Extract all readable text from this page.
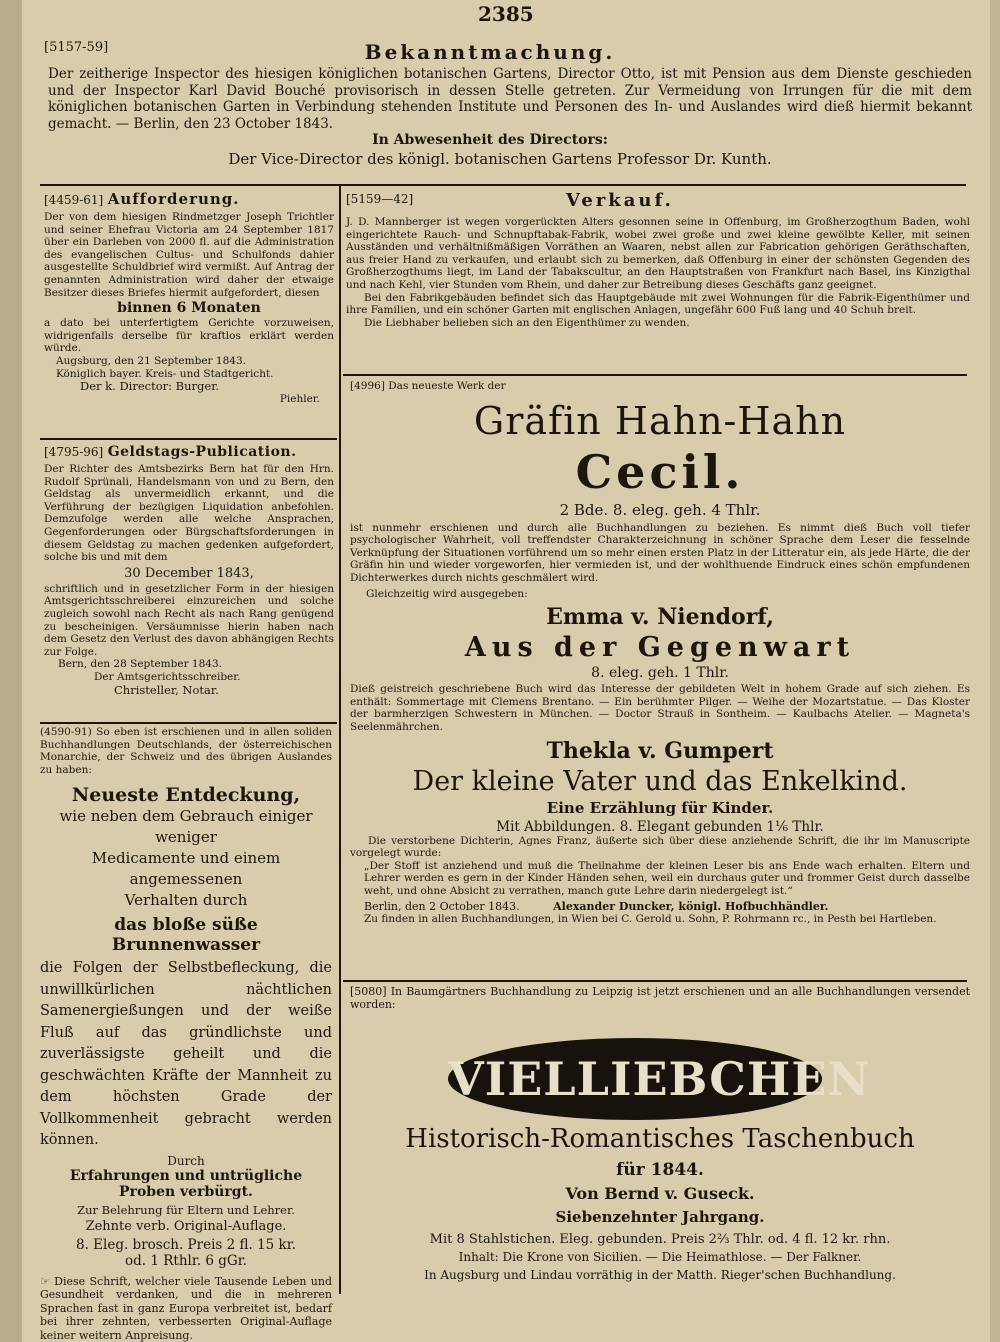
2385
[5157-59]	Bekanntmachung.
Der zeitherige Inspector des hiesigen königlichen botanischen Gartens, Director Otto, ist mit Pension aus dem Dienste geschieden und der Inspector Karl David Bouché provisorisch in dessen Stelle getreten. Zur Vermeidung von Irrungen für die mit dem königlichen botanischen Garten in Verbindung stehenden Institute und Personen des In- und Auslandes wird dieß hiermit bekannt gemacht. — Berlin, den 23 October 1843.
In Abwesenheit des Directors:
Der Vice-Director des königl. botanischen Gartens Professor Dr. Kunth.
[4459-61] Aufforderung.
Der von dem hiesigen Rindmetzger Joseph Trichtler und seiner Ehefrau Victoria am 24 September 1817 über ein Darleben von 2000 fl. auf die Administration des evangelischen Cultus- und Schulfonds dahier ausgestellte Schuldbrief wird vermißt. Auf Antrag der genannten Administration wird daher der etwaige Besitzer dieses Briefes hiermit aufgefordert, diesen
binnen 6 Monaten
a dato bei unterfertigtem Gerichte vorzuweisen, widrigenfalls derselbe für kraftlos erklärt werden würde.
Augsburg, den 21 September 1843.
Königlich bayer. Kreis- und Stadtgericht.
Der k. Director: Burger.
Piehler.
[4795-96] Geldstags-Publication.
Der Richter des Amtsbezirks Bern hat für den Hrn. Rudolf Sprünali, Handelsmann von und zu Bern, den Geldstag als unvermeidlich erkannt, und die Verführung der bezügigen Liquidation anbefohlen. Demzufolge werden alle welche Ansprachen, Gegenforderungen oder Bürgschaftsforderungen in diesem Geldstag zu machen gedenken aufgefordert, solche bis und mit dem
30 December 1843,
schriftlich und in gesetzlicher Form in der hiesigen Amtsgerichtsschreiberei einzureichen und solche zugleich sowohl nach Recht als nach Rang genügend zu bescheinigen. Versäumnisse hierin haben nach dem Gesetz den Verlust des davon abhängigen Rechts zur Folge.
Bern, den 28 September 1843.
Der Amtsgerichtsschreiber.
Christeller, Notar.
(4590-91) So eben ist erschienen und in allen soliden Buchhandlungen Deutschlands, der österreichischen Monarchie, der Schweiz und des übrigen Auslandes zu haben:
Neueste Entdeckung,
wie neben dem Gebrauch einiger weniger
Medicamente und einem angemessenen
Verhalten durch
das bloße süße Brunnenwasser
die Folgen der Selbstbefleckung, die unwillkürlichen nächtlichen Samenergießungen und der weiße Fluß auf das gründlichste und zuverlässigste geheilt und die geschwächten Kräfte der Mannheit zu dem höchsten Grade der Vollkommenheit gebracht werden können.
Durch
Erfahrungen und untrügliche
Proben verbürgt.
Zur Belehrung für Eltern und Lehrer.
Zehnte verb. Original-Auflage.
8. Eleg. brosch. Preis 2 fl. 15 kr.
od. 1 Rthlr. 6 gGr.
☞ Diese Schrift, welcher viele Tausende Leben und Gesundheit verdanken, und die in mehreren Sprachen fast in ganz Europa verbreitet ist, bedarf bei ihrer zehnten, verbesserten Original-Auflage keiner weitern Anpreisung.
[5159—42]	Verkauf.
J. D. Mannberger ist wegen vorgerückten Alters gesonnen seine in Offenburg, im Großherzogthum Baden, wohl eingerichtete Rauch- und Schnupftabak-Fabrik, wobei zwei große und zwei kleine gewölbte Keller, mit seinen Ausständen und verhältnißmäßigen Vorräthen an Waaren, nebst allen zur Fabrication gehörigen Geräthschaften, aus freier Hand zu verkaufen, und erlaubt sich zu bemerken, daß Offenburg in einer der schönsten Gegenden des Großherzogthums liegt, im Land der Tabakscultur, an den Hauptstraßen von Frankfurt nach Basel, ins Kinzigthal und nach Kehl, vier Stunden vom Rhein, und daher zur Betreibung dieses Geschäfts ganz geeignet.
Bei den Fabrikgebäuden befindet sich das Hauptgebäude mit zwei Wohnungen für die Fabrik-Eigenthümer und ihre Familien, und ein schöner Garten mit englischen Anlagen, ungefähr 600 Fuß lang und 40 Schuh breit.
Die Liebhaber belieben sich an den Eigenthümer zu wenden.
[4996] Das neueste Werk der
Gräfin Hahn-Hahn
Cecil.
2 Bde. 8. eleg. geh. 4 Thlr.
ist nunmehr erschienen und durch alle Buchhandlungen zu beziehen. Es nimmt dieß Buch voll tiefer psychologischer Wahrheit, voll treffendster Charakterzeichnung in schöner Sprache dem Leser die fesselnde Verknüpfung der Situationen vorführend um so mehr einen ersten Platz in der Litteratur ein, als jede Härte, die der Gräfin hin und wieder vorgeworfen, hier vermieden ist, und der wohlthuende Eindruck eines schön empfundenen Dichterwerkes durch nichts geschmälert wird.
Gleichzeitig wird ausgegeben:
Emma v. Niendorf,
Aus der Gegenwart
8. eleg. geh. 1 Thlr.
Dieß geistreich geschriebene Buch wird das Interesse der gebildeten Welt in hohem Grade auf sich ziehen. Es enthält: Sommertage mit Clemens Brentano. — Ein berühmter Pilger. — Weihe der Mozartstatue. — Das Kloster der barmherzigen Schwestern in München. — Doctor Strauß in Sontheim. — Kaulbachs Atelier. — Magneta's Seelenmährchen.
Thekla v. Gumpert
Der kleine Vater und das Enkelkind.
Eine Erzählung für Kinder.
Mit Abbildungen. 8. Elegant gebunden 1⅙ Thlr.
Die verstorbene Dichterin, Agnes Franz, äußerte sich über diese anziehende Schrift, die ihr im Manuscripte vorgelegt wurde:
„Der Stoff ist anziehend und muß die Theilnahme der kleinen Leser bis ans Ende wach erhalten. Eltern und Lehrer werden es gern in der Kinder Händen sehen, weil ein durchaus guter und frommer Geist durch dasselbe weht, und ohne Absicht zu verrathen, manch gute Lehre darin niedergelegt ist.“
Berlin, den 2 October 1843.	Alexander Duncker, königl. Hofbuchhändler.
Zu finden in allen Buchhandlungen, in Wien bei C. Gerold u. Sohn, P. Rohrmann rc., in Pesth bei Hartleben.
[5080] In Baumgärtners Buchhandlung zu Leipzig ist jetzt erschienen und an alle Buchhandlungen versendet worden:
VIELLIEBCHEN
Historisch-Romantisches Taschenbuch
für 1844.
Von Bernd v. Guseck.
Siebenzehnter Jahrgang.
Mit 8 Stahlstichen. Eleg. gebunden. Preis 2⅔ Thlr. od. 4 fl. 12 kr. rhn.
Inhalt: Die Krone von Sicilien. — Die Heimathlose. — Der Falkner.
In Augsburg und Lindau vorräthig in der Matth. Rieger'schen Buchhandlung.
